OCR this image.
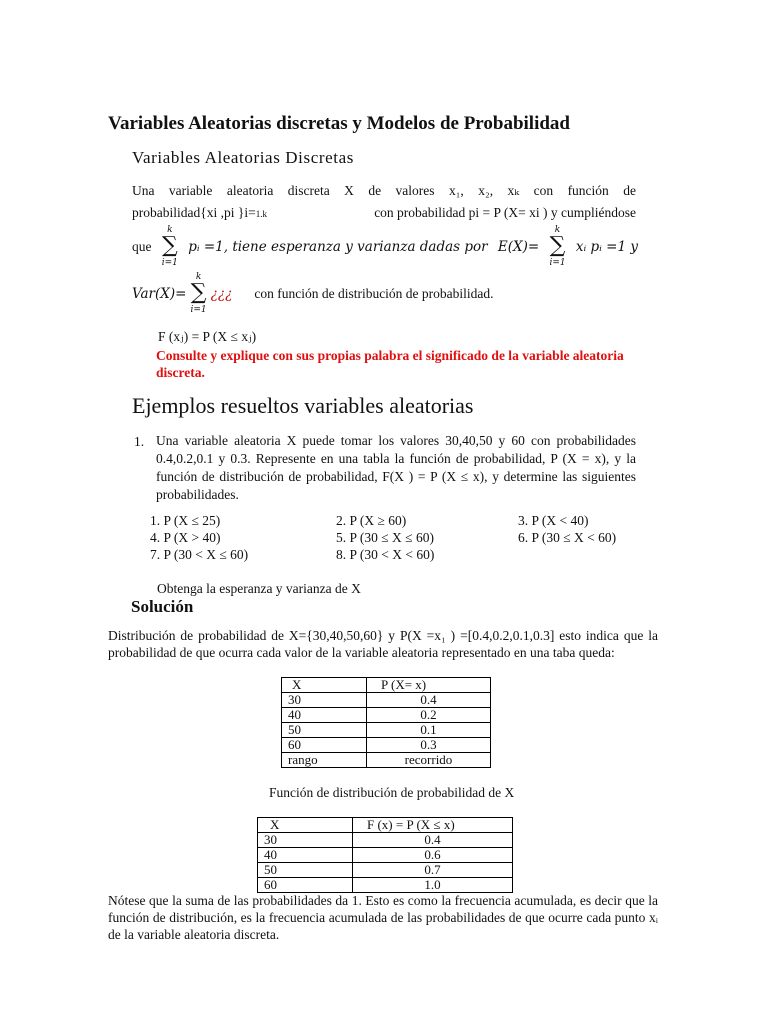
Variables Aleatorias discretas y Modelos de Probabilidad
Variables Aleatorias Discretas
Una variable aleatoria discreta X de valores x₁, x₂, xₖ con función de
probabilidad{xi ,pi }i=1.k	con probabilidad pi = P (X= xi ) y cumpliéndose
que
k
∑
i=1
pᵢ =1, tiene esperanza y varianza dadas por E(X)=
k
∑
i=1
xᵢ pᵢ =1 y
Var(X)=
k
∑
i=1
¿¿¿ con función de distribución de probabilidad.
F (xⱼ) = P (X ≤ xⱼ)
Consulte y explique con sus propias palabra el significado de la variable aleatoria discreta.
Ejemplos resueltos variables aleatorias
1. Una variable aleatoria X puede tomar los valores 30,40,50 y 60 con probabilidades 0.4,0.2,0.1 y 0.3. Represente en una tabla la función de probabilidad, P (X = x), y la función de distribución de probabilidad, F(X ) = P (X ≤ x), y determine las siguientes probabilidades.
1. P (X ≤ 25)	2. P (X ≥ 60)	3. P (X < 40)
4. P (X > 40)	5. P (30 ≤ X ≤ 60)	6. P (30 ≤ X < 60)
7. P (30 < X ≤ 60)	8. P (30 < X < 60)
Obtenga la esperanza y varianza de X
Solución
Distribución de probabilidad de X={30,40,50,60} y P(X =x₁ ) =[0.4,0.2,0.1,0.3] esto indica que la probabilidad de que ocurra cada valor de la variable aleatoria representado en una taba queda:
X	P (X= x)
30	0.4
40	0.2
50	0.1
60	0.3
rango	recorrido
Función de distribución de probabilidad de X
X	F (x) = P (X ≤ x)
30	0.4
40	0.6
50	0.7
60	1.0
Nótese que la suma de las probabilidades da 1. Esto es como la frecuencia acumulada, es decir que la función de distribución, es la frecuencia acumulada de las probabilidades de que ocurre cada punto xᵢ de la variable aleatoria discreta.
